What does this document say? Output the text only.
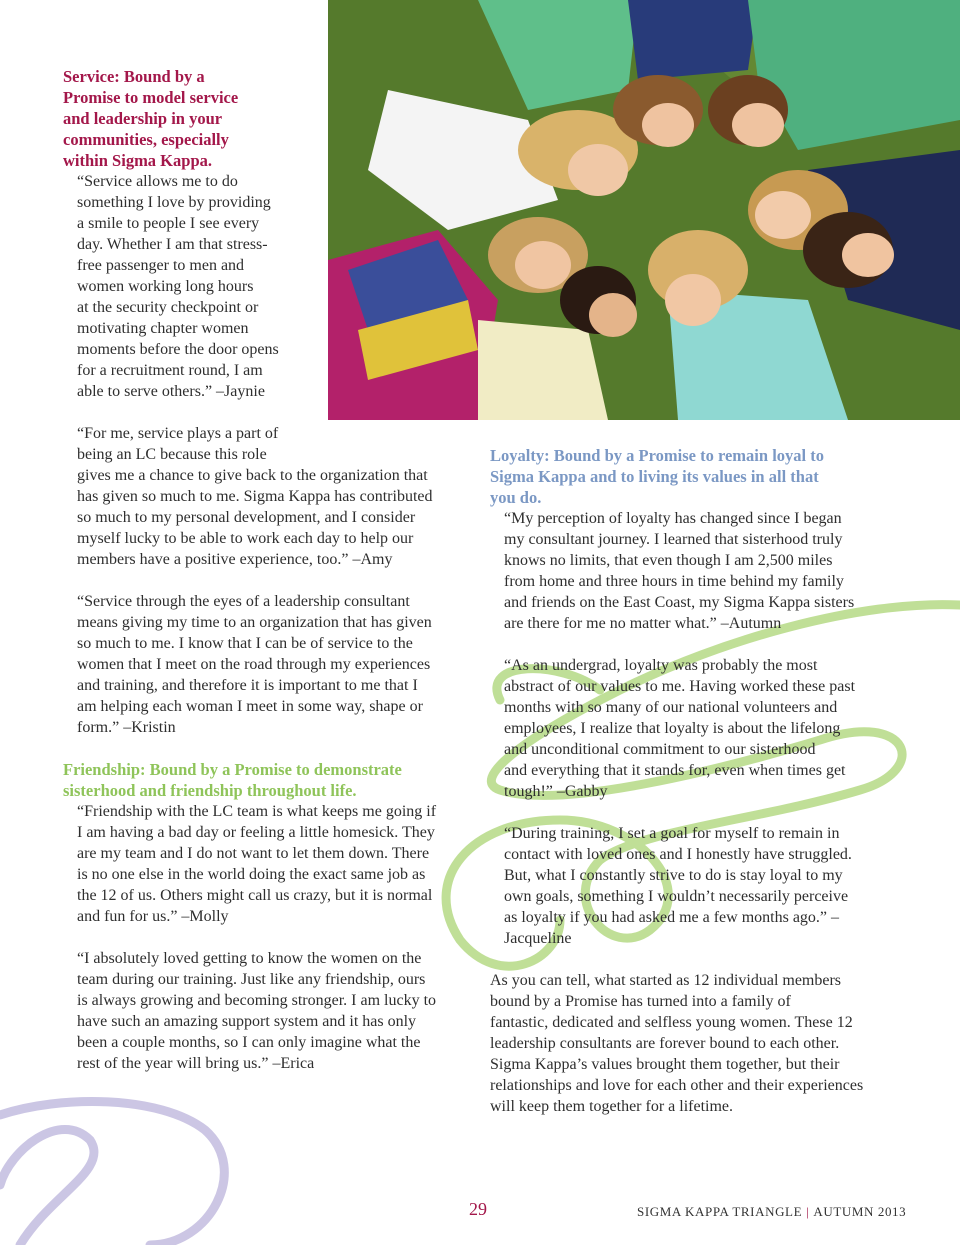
Service: Bound by a
Promise to model service
and leadership in your
communities, especially
within Sigma Kappa.
“Service allows me to do
something I love by providing
a smile to people I see every
day. Whether I am that stress-
free passenger to men and
women working long hours
at the security checkpoint or
motivating chapter women
moments before the door opens
for a recruitment round, I am
able to serve others.” –Jaynie
“For me, service plays a part of
being an LC because this role
gives me a chance to give back to the organization that
has given so much to me. Sigma Kappa has contributed
so much to my personal development, and I consider
myself lucky to be able to work each day to help our
members have a positive experience, too.” –Amy
“Service through the eyes of a leadership consultant
means giving my time to an organization that has given
so much to me. I know that I can be of service to the
women that I meet on the road through my experiences
and training, and therefore it is important to me that I
am helping each woman I meet in some way, shape or
form.” –Kristin
Friendship: Bound by a Promise to demonstrate
sisterhood and friendship throughout life.
“Friendship with the LC team is what keeps me going if
I am having a bad day or feeling a little homesick. They
are my team and I do not want to let them down. There
is no one else in the world doing the exact same job as
the 12 of us. Others might call us crazy, but it is normal
and fun for us.” –Molly
“I absolutely loved getting to know the women on the
team during our training. Just like any friendship, ours
is always growing and becoming stronger. I am lucky to
have such an amazing support system and it has only
been a couple months, so I can only imagine what the
rest of the year will bring us.” –Erica
Loyalty: Bound by a Promise to remain loyal to
Sigma Kappa and to living its values in all that
you do.
“My perception of loyalty has changed since I began
my consultant journey. I learned that sisterhood truly
knows no limits, that even though I am 2,500 miles
from home and three hours in time behind my family
and friends on the East Coast, my Sigma Kappa sisters
are there for me no matter what.” –Autumn
“As an undergrad, loyalty was probably the most
abstract of our values to me. Having worked these past
months with so many of our national volunteers and
employees, I realize that loyalty is about the lifelong
and unconditional commitment to our sisterhood
and everything that it stands for, even when times get
tough!” –Gabby
“During training, I set a goal for myself to remain in
contact with loved ones and I honestly have struggled.
But, what I constantly strive to do is stay loyal to my
own goals, something I wouldn’t necessarily perceive
as loyalty if you had asked me a few months ago.” –
Jacqueline
As you can tell, what started as 12 individual members
bound by a Promise has turned into a family of
fantastic, dedicated and selfless young women. These 12
leadership consultants are forever bound to each other.
Sigma Kappa’s values brought them together, but their
relationships and love for each other and their experiences
will keep them together for a lifetime.
29	SIGMA KAPPA TRIANGLE | AUTUMN 2013
